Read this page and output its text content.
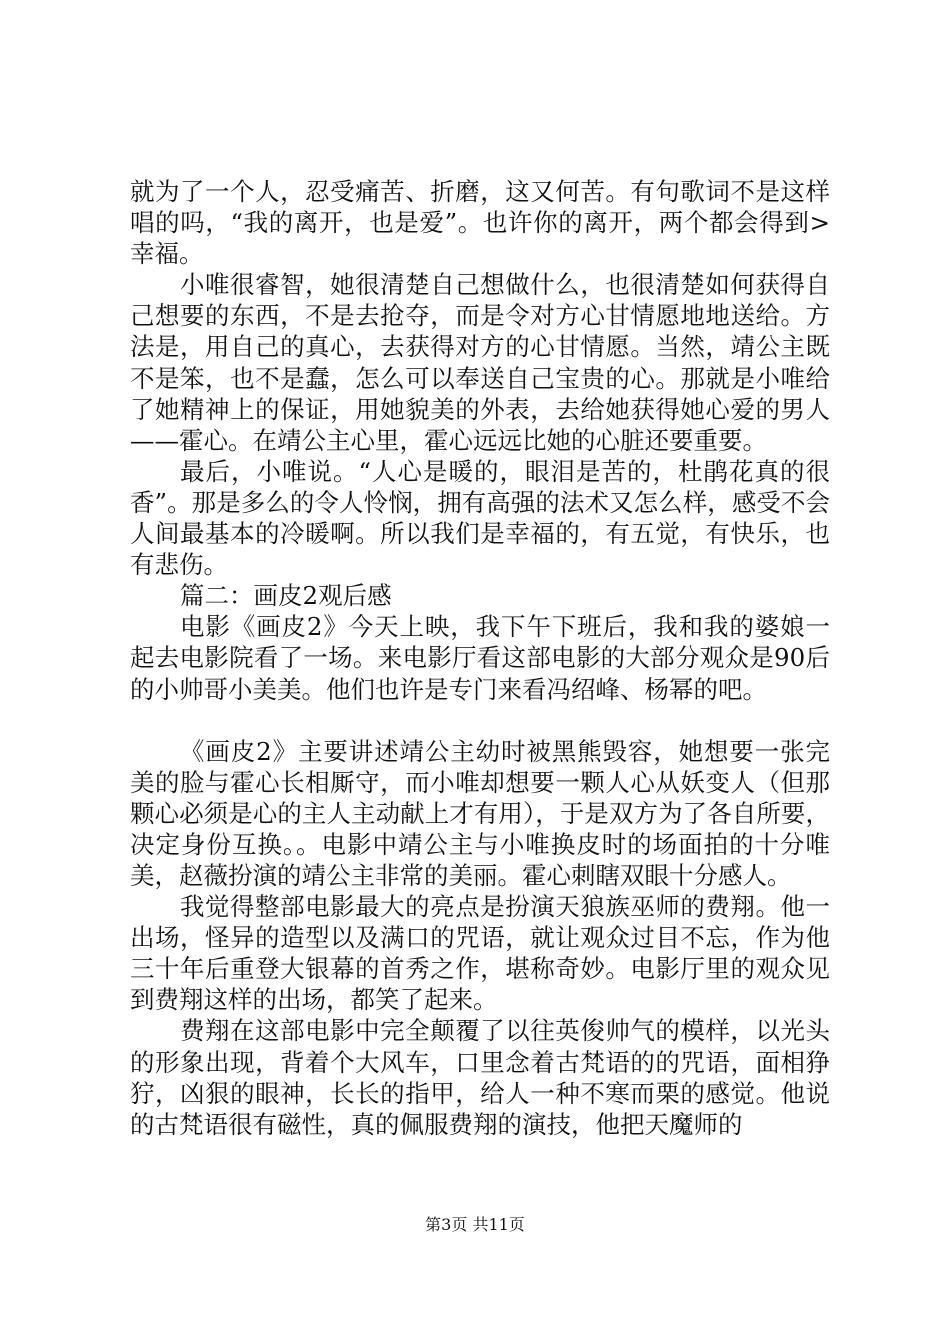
就为了一个人，忍受痛苦、折磨，这又何苦。有句歌词不是这样唱的吗，“我的离开，也是爱”。也许你的离开，两个都会得到>幸福。

小唯很睿智，她很清楚自己想做什么，也很清楚如何获得自己想要的东西，不是去抢夺，而是令对方心甘情愿地地送给。方法是，用自己的真心，去获得对方的心甘情愿。当然，靖公主既不是笨，也不是蠢，怎么可以奉送自己宝贵的心。那就是小唯给了她精神上的保证，用她貌美的外表，去给她获得她心爱的男人——霍心。在靖公主心里，霍心远远比她的心脏还要重要。

最后，小唯说。“人心是暖的，眼泪是苦的，杜鹃花真的很香”。那是多么的令人怜悯，拥有高强的法术又怎么样，感受不会人间最基本的冷暖啊。所以我们是幸福的，有五觉，有快乐，也有悲伤。

篇二：画皮2观后感

电影《画皮2》今天上映，我下午下班后，我和我的婆娘一起去电影院看了一场。来电影厅看这部电影的大部分观众是90后的小帅哥小美美。他们也许是专门来看冯绍峰、杨幂的吧。

《画皮2》主要讲述靖公主幼时被黑熊毁容，她想要一张完美的脸与霍心长相厮守，而小唯却想要一颗人心从妖变人（但那颗心必须是心的主人主动献上才有用），于是双方为了各自所要，决定身份互换。。电影中靖公主与小唯换皮时的场面拍的十分唯美，赵薇扮演的靖公主非常的美丽。霍心刺瞎双眼十分感人。

我觉得整部电影最大的亮点是扮演天狼族巫师的费翔。他一出场，怪异的造型以及满口的咒语，就让观众过目不忘，作为他三十年后重登大银幕的首秀之作，堪称奇妙。电影厅里的观众见到费翔这样的出场，都笑了起来。

费翔在这部电影中完全颠覆了以往英俊帅气的模样，以光头的形象出现，背着个大风车，口里念着古梵语的的咒语，面相狰狞，凶狠的眼神，长长的指甲，给人一种不寒而栗的感觉。他说的古梵语很有磁性，真的佩服费翔的演技，他把天魔师的

第3页 共11页
